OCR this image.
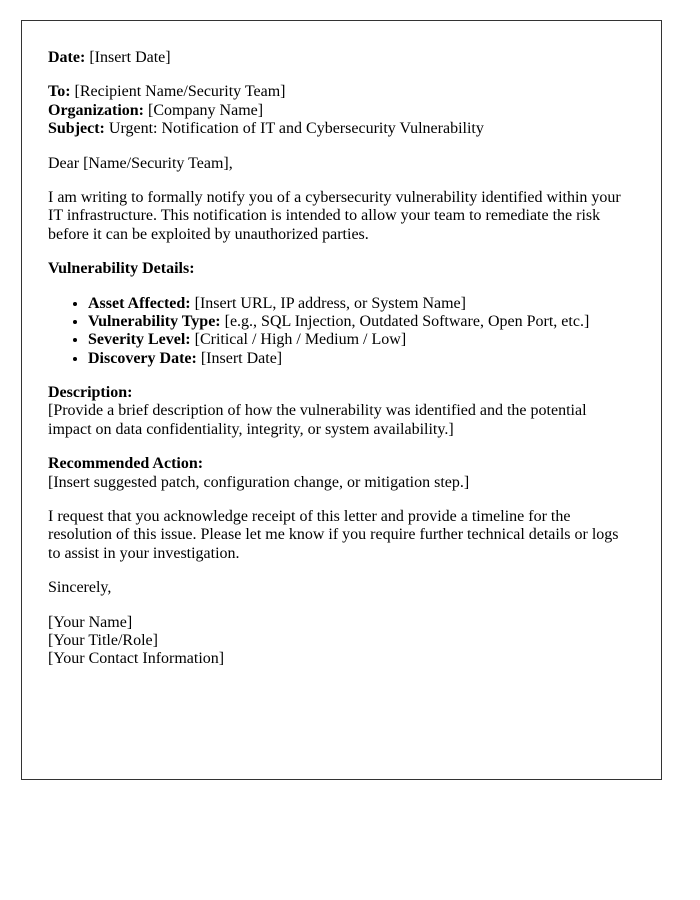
Date: [Insert Date]

To: [Recipient Name/Security Team]
Organization: [Company Name]
Subject: Urgent: Notification of IT and Cybersecurity Vulnerability

Dear [Name/Security Team],

I am writing to formally notify you of a cybersecurity vulnerability identified within your IT infrastructure. This notification is intended to allow your team to remediate the risk before it can be exploited by unauthorized parties.

Vulnerability Details:

• Asset Affected: [Insert URL, IP address, or System Name]
• Vulnerability Type: [e.g., SQL Injection, Outdated Software, Open Port, etc.]
• Severity Level: [Critical / High / Medium / Low]
• Discovery Date: [Insert Date]

Description:
[Provide a brief description of how the vulnerability was identified and the potential impact on data confidentiality, integrity, or system availability.]

Recommended Action:
[Insert suggested patch, configuration change, or mitigation step.]

I request that you acknowledge receipt of this letter and provide a timeline for the resolution of this issue. Please let me know if you require further technical details or logs to assist in your investigation.

Sincerely,

[Your Name]
[Your Title/Role]
[Your Contact Information]
